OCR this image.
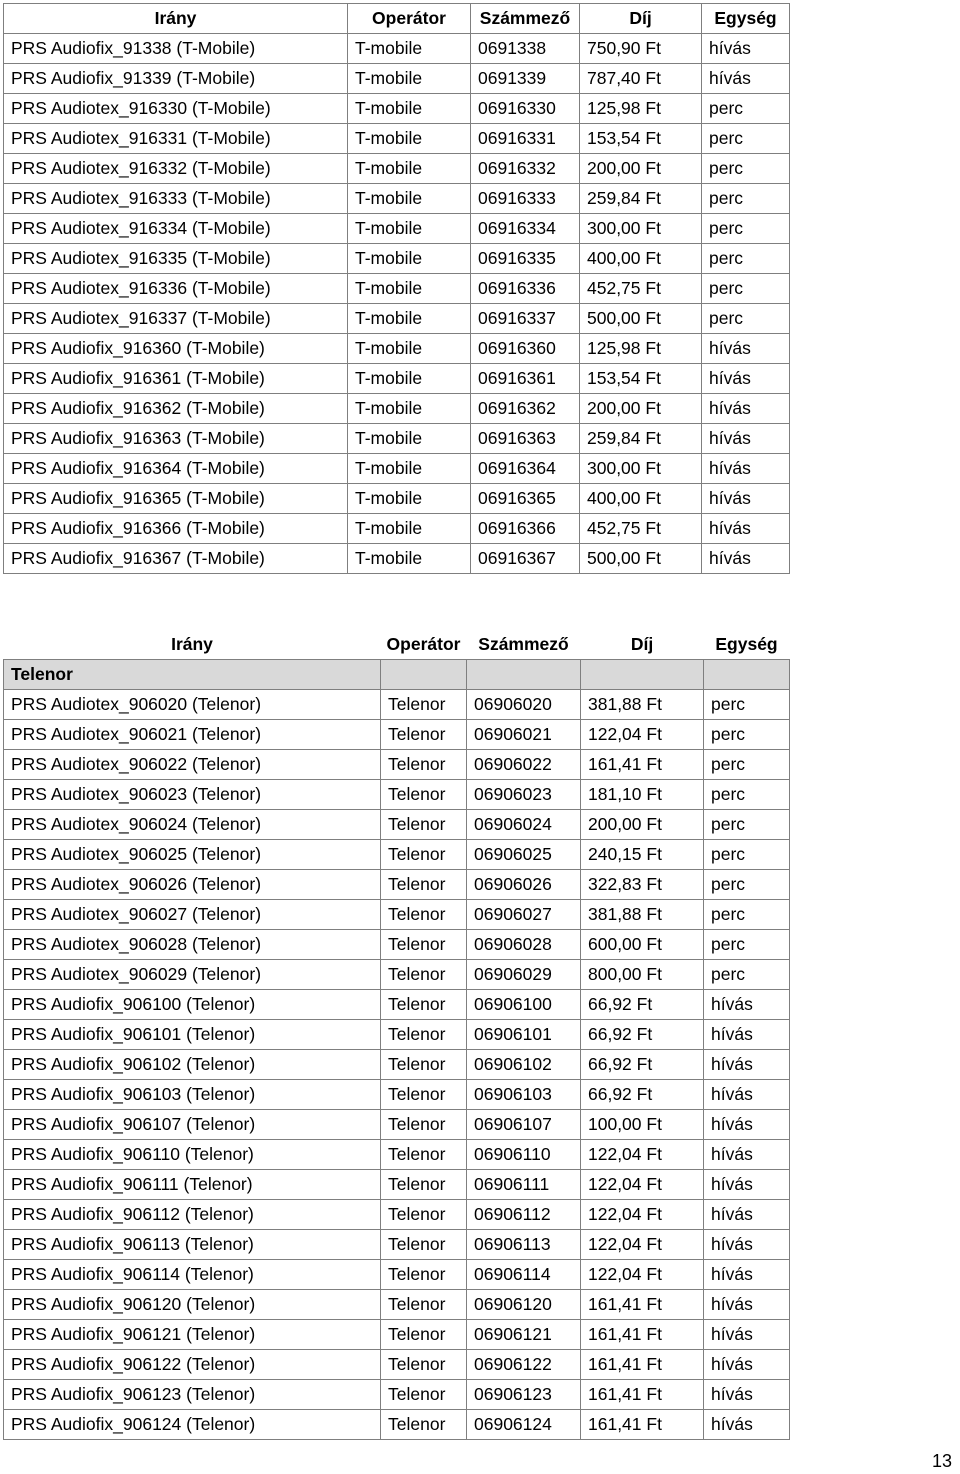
Irány	Operátor	Számmező	Díj	Egység
PRS Audiofix_91338 (T-Mobile)	T-mobile	0691338	750,90 Ft	hívás
PRS Audiofix_91339 (T-Mobile)	T-mobile	0691339	787,40 Ft	hívás
PRS Audiotex_916330 (T-Mobile)	T-mobile	06916330	125,98 Ft	perc
PRS Audiotex_916331 (T-Mobile)	T-mobile	06916331	153,54 Ft	perc
PRS Audiotex_916332 (T-Mobile)	T-mobile	06916332	200,00 Ft	perc
PRS Audiotex_916333 (T-Mobile)	T-mobile	06916333	259,84 Ft	perc
PRS Audiotex_916334 (T-Mobile)	T-mobile	06916334	300,00 Ft	perc
PRS Audiotex_916335 (T-Mobile)	T-mobile	06916335	400,00 Ft	perc
PRS Audiotex_916336 (T-Mobile)	T-mobile	06916336	452,75 Ft	perc
PRS Audiotex_916337 (T-Mobile)	T-mobile	06916337	500,00 Ft	perc
PRS Audiofix_916360 (T-Mobile)	T-mobile	06916360	125,98 Ft	hívás
PRS Audiofix_916361 (T-Mobile)	T-mobile	06916361	153,54 Ft	hívás
PRS Audiofix_916362 (T-Mobile)	T-mobile	06916362	200,00 Ft	hívás
PRS Audiofix_916363 (T-Mobile)	T-mobile	06916363	259,84 Ft	hívás
PRS Audiofix_916364 (T-Mobile)	T-mobile	06916364	300,00 Ft	hívás
PRS Audiofix_916365 (T-Mobile)	T-mobile	06916365	400,00 Ft	hívás
PRS Audiofix_916366 (T-Mobile)	T-mobile	06916366	452,75 Ft	hívás
PRS Audiofix_916367 (T-Mobile)	T-mobile	06916367	500,00 Ft	hívás
Irány	Operátor	Számmező	Díj	Egység
Telenor				
PRS Audiotex_906020 (Telenor)	Telenor	06906020	381,88 Ft	perc
PRS Audiotex_906021 (Telenor)	Telenor	06906021	122,04 Ft	perc
PRS Audiotex_906022 (Telenor)	Telenor	06906022	161,41 Ft	perc
PRS Audiotex_906023 (Telenor)	Telenor	06906023	181,10 Ft	perc
PRS Audiotex_906024 (Telenor)	Telenor	06906024	200,00 Ft	perc
PRS Audiotex_906025 (Telenor)	Telenor	06906025	240,15 Ft	perc
PRS Audiotex_906026 (Telenor)	Telenor	06906026	322,83 Ft	perc
PRS Audiotex_906027 (Telenor)	Telenor	06906027	381,88 Ft	perc
PRS Audiotex_906028 (Telenor)	Telenor	06906028	600,00 Ft	perc
PRS Audiotex_906029 (Telenor)	Telenor	06906029	800,00 Ft	perc
PRS Audiofix_906100 (Telenor)	Telenor	06906100	66,92 Ft	hívás
PRS Audiofix_906101 (Telenor)	Telenor	06906101	66,92 Ft	hívás
PRS Audiofix_906102 (Telenor)	Telenor	06906102	66,92 Ft	hívás
PRS Audiofix_906103 (Telenor)	Telenor	06906103	66,92 Ft	hívás
PRS Audiofix_906107 (Telenor)	Telenor	06906107	100,00 Ft	hívás
PRS Audiofix_906110 (Telenor)	Telenor	06906110	122,04 Ft	hívás
PRS Audiofix_906111 (Telenor)	Telenor	06906111	122,04 Ft	hívás
PRS Audiofix_906112 (Telenor)	Telenor	06906112	122,04 Ft	hívás
PRS Audiofix_906113 (Telenor)	Telenor	06906113	122,04 Ft	hívás
PRS Audiofix_906114 (Telenor)	Telenor	06906114	122,04 Ft	hívás
PRS Audiofix_906120 (Telenor)	Telenor	06906120	161,41 Ft	hívás
PRS Audiofix_906121 (Telenor)	Telenor	06906121	161,41 Ft	hívás
PRS Audiofix_906122 (Telenor)	Telenor	06906122	161,41 Ft	hívás
PRS Audiofix_906123 (Telenor)	Telenor	06906123	161,41 Ft	hívás
PRS Audiofix_906124 (Telenor)	Telenor	06906124	161,41 Ft	hívás
13
